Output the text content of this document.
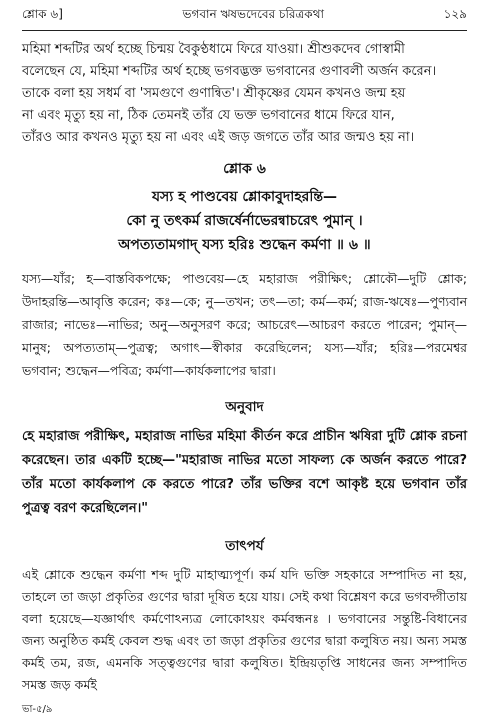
শ্লোক ৬]	ভগবান ঋষভদেবের চরিত্রকথা	১২৯

মহিমা শব্দটির অর্থ হচ্ছে চিন্ময় বৈকুণ্ঠধামে ফিরে যাওয়া। শ্রীশুকদেব গোস্বামী

বলেছেন যে, মহিমা শব্দটির অর্থ হচ্ছে ভগবদ্ভক্ত ভগবানের গুণাবলী অর্জন করেন।

তাকে বলা হয় সধর্ম বা 'সমগুণে গুণান্বিত'। শ্রীকৃষ্ণের যেমন কখনও জন্ম হয়

না এবং মৃত্যু হয় না, ঠিক তেমনই তাঁর যে ভক্ত ভগবানের ধামে ফিরে যান,

তাঁরও আর কখনও মৃত্যু হয় না এবং এই জড় জগতে তাঁর আর জন্মও হয় না।

শ্লোক ৬
যস্য হ পাণ্ডবেয় শ্লোকাবুদাহরন্তি—
কো নু তৎকর্ম রাজর্ষের্নাভেরন্বাচরেৎ পুমান্ ।
অপত্যতামগাদ্ যস্য হরিঃ শুদ্ধেন কর্মণা ॥ ৬ ॥
যস্য—যাঁর; হ—বাস্তবিকপক্ষে; পাণ্ডবেয়—হে মহারাজ পরীক্ষিৎ; শ্লোকৌ—দুটি শ্লোক; উদাহরন্তি—আবৃত্তি করেন; কঃ—কে; নু—তখন; তৎ—তা; কর্ম—কর্ম; রাজ-ঋষেঃ—পুণ্যবান রাজার; নাভেঃ—নাভির; অনু—অনুসরণ করে; আচরেৎ—আচরণ করতে পারেন; পুমান্—মানুষ; অপত্যতাম্—পুত্রত্ব; অগাৎ—স্বীকার করেছিলেন; যস্য—যাঁর; হরিঃ—পরমেশ্বর ভগবান; শুদ্ধেন—পবিত্র; কর্মণা—কার্যকলাপের দ্বারা।
অনুবাদ
হে মহারাজ পরীক্ষিৎ, মহারাজ নাভির মহিমা কীর্তন করে প্রাচীন ঋষিরা দুটি শ্লোক রচনা করেছেন। তার একটি হচ্ছে—"মহারাজ নাভির মতো সাফল্য কে অর্জন করতে পারে? তাঁর মতো কার্যকলাপ কে করতে পারে? তাঁর ভক্তির বশে আকৃষ্ট হয়ে ভগবান তাঁর পুত্রত্ব বরণ করেছিলেন।"
তাৎপর্য
এই শ্লোকে শুদ্ধেন কর্মণা শব্দ দুটি মাহাত্ম্যপূর্ণ। কর্ম যদি ভক্তি সহকারে সম্পাদিত না হয়, তাহলে তা জড়া প্রকৃতির গুণের দ্বারা দূষিত হয়ে যায়। সেই কথা বিশ্লেষণ করে ভগবদ্গীতায় বলা হয়েছে—যজ্ঞার্থাৎ কর্মণোঽন্যত্র লোকোঽয়ং কর্মবন্ধনঃ । ভগবানের সন্তুষ্টি-বিধানের জন্য অনুষ্ঠিত কর্মই কেবল শুদ্ধ এবং তা জড়া প্রকৃতির গুণের দ্বারা কলুষিত নয়। অন্য সমস্ত কর্মই তম, রজ, এমনকি সত্ত্বগুণের দ্বারা কলুষিত। ইন্দ্রিয়তৃপ্তি সাধনের জন্য সম্পাদিত সমস্ত জড় কর্মই
ভা-৫/৯
